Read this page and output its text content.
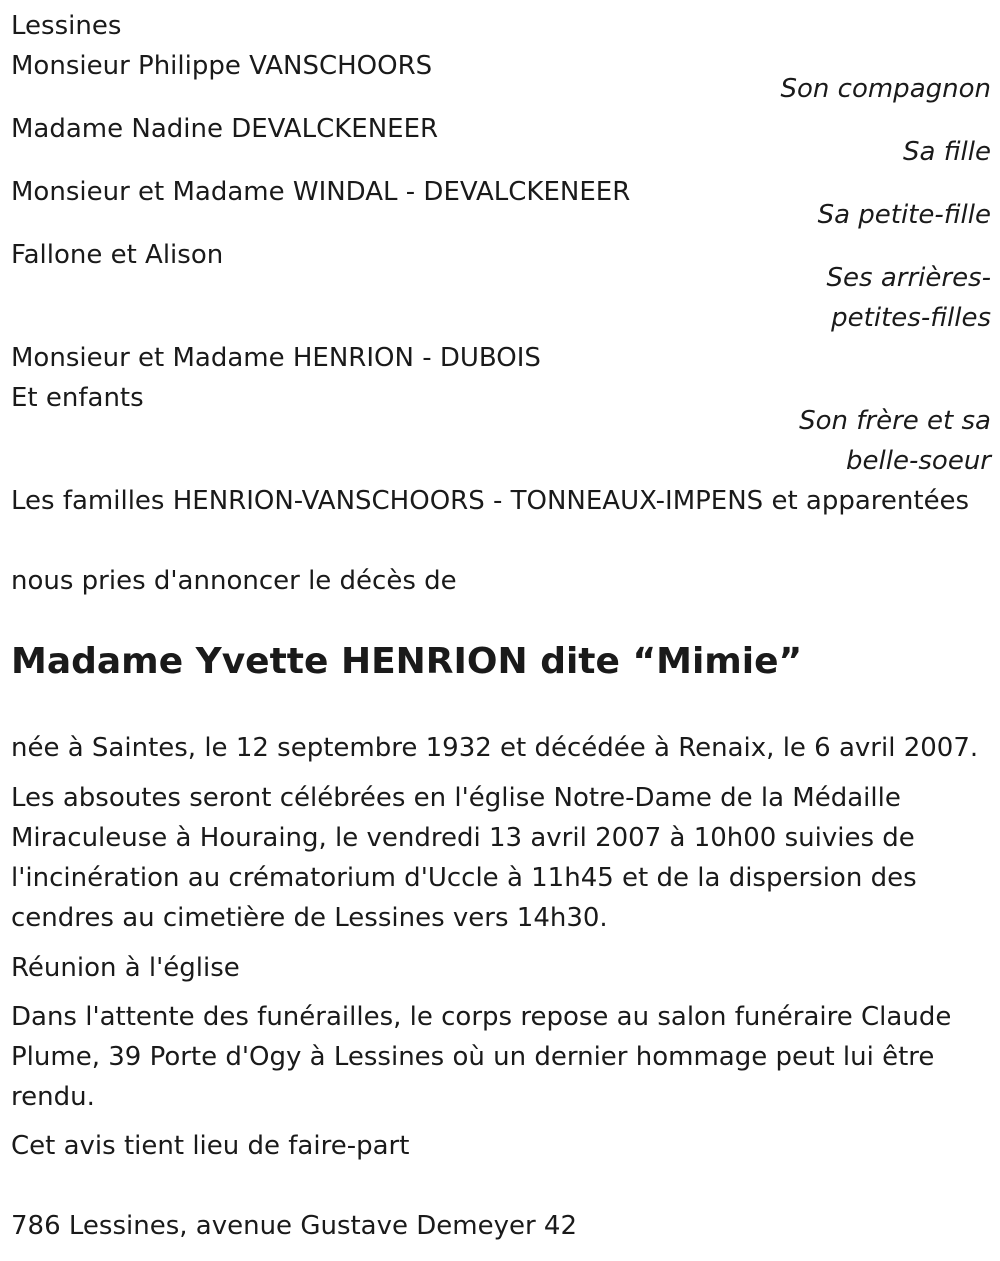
Lessines
Monsieur Philippe VANSCHOORS
Son compagnon
Madame Nadine DEVALCKENEER
Sa fille
Monsieur et Madame WINDAL - DEVALCKENEER
Sa petite-fille
Fallone et Alison
Ses arrières-
petites-filles
Monsieur et Madame HENRION - DUBOIS
Et enfants
Son frère et sa
belle-soeur
Les familles HENRION-VANSCHOORS - TONNEAUX-IMPENS et apparentées
nous pries d'annoncer le décès de
Madame Yvette HENRION dite “Mimie”
née à Saintes, le 12 septembre 1932 et décédée à Renaix, le 6 avril 2007.
Les absoutes seront célébrées en l'église Notre-Dame de la Médaille
Miraculeuse à Houraing, le vendredi 13 avril 2007 à 10h00 suivies de
l'incinération au crématorium d'Uccle à 11h45 et de la dispersion des
cendres au cimetière de Lessines vers 14h30.
Réunion à l'église
Dans l'attente des funérailles, le corps repose au salon funéraire Claude
Plume, 39 Porte d'Ogy à Lessines où un dernier hommage peut lui être
rendu.
Cet avis tient lieu de faire-part
786 Lessines, avenue Gustave Demeyer 42
